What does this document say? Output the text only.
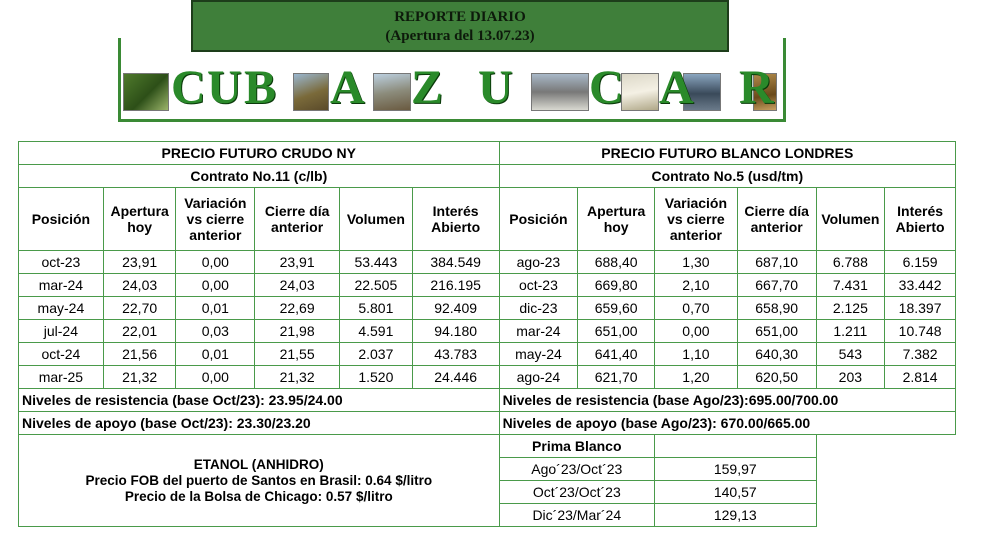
REPORTE DIARIO
(Apertura del 13.07.23)
C U B A Z U C A R
PRECIO FUTURO CRUDO NY						PRECIO FUTURO BLANCO LONDRES					
Contrato No.11 (c/lb)						Contrato No.5 (usd/tm)					
Posición	Apertura hoy	Variación vs cierre anterior	Cierre día anterior	Volumen	Interés Abierto	Posición	Apertura hoy	Variación vs cierre anterior	Cierre día anterior	Volumen	Interés Abierto
oct-23	23,91	0,00	23,91	53.443	384.549	ago-23	688,40	1,30	687,10	6.788	6.159
mar-24	24,03	0,00	24,03	22.505	216.195	oct-23	669,80	2,10	667,70	7.431	33.442
may-24	22,70	0,01	22,69	5.801	92.409	dic-23	659,60	0,70	658,90	2.125	18.397
jul-24	22,01	0,03	21,98	4.591	94.180	mar-24	651,00	0,00	651,00	1.211	10.748
oct-24	21,56	0,01	21,55	2.037	43.783	may-24	641,40	1,10	640,30	543	7.382
mar-25	21,32	0,00	21,32	1.520	24.446	ago-24	621,70	1,20	620,50	203	2.814
Niveles de resistencia (base Oct/23): 23.95/24.00						Niveles de resistencia (base Ago/23):695.00/700.00					
Niveles de apoyo (base Oct/23): 23.30/23.20						Niveles de apoyo (base Ago/23): 670.00/665.00					

ETANOL (ANHIDRO)
Precio FOB del puerto de Santos en Brasil: 0.64 $/litro
Precio de la Bolsa de Chicago: 0.57 $/litro						Prima Blanco					
						Ago´23/Oct´23		159,97			
						Oct´23/Oct´23		140,57			
						Dic´23/Mar´24		129,13			
